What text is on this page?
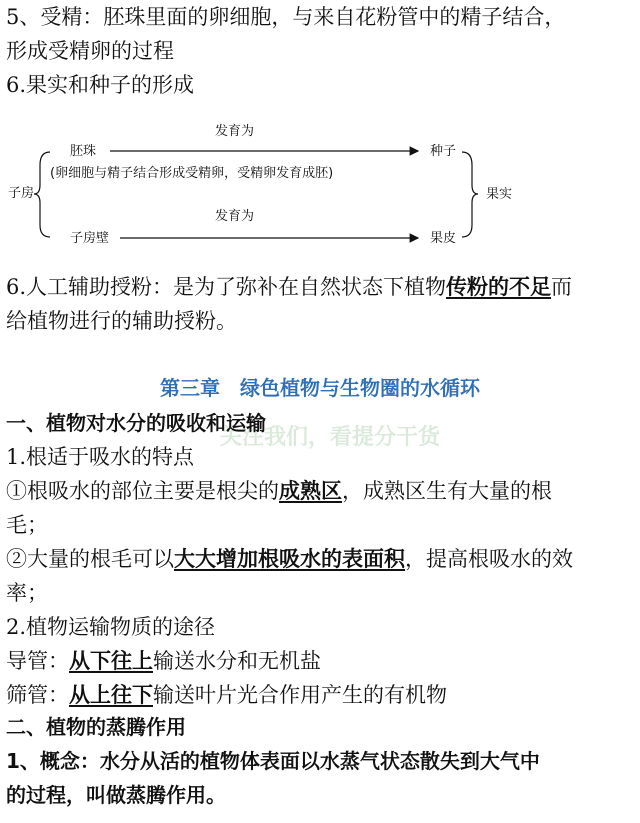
5、受精：胚珠里面的卵细胞，与来自花粉管中的精子结合，
形成受精卵的过程
6.果实和种子的形成
子房
胚珠
发育为
种子
(卵细胞与精子结合形成受精卵，受精卵发育成胚)
发育为
子房壁	果皮
果实
6.人工辅助授粉：是为了弥补在自然状态下植物传粉的不足而
给植物进行的辅助授粉。
第三章　绿色植物与生物圈的水循环
关注我们，看提分干货
一、植物对水分的吸收和运输
1.根适于吸水的特点
①根吸水的部位主要是根尖的成熟区，成熟区生有大量的根
毛；
②大量的根毛可以大大增加根吸水的表面积，提高根吸水的效
率；
2.植物运输物质的途径
导管：从下往上输送水分和无机盐
筛管：从上往下输送叶片光合作用产生的有机物
二、植物的蒸腾作用
1、概念：水分从活的植物体表面以水蒸气状态散失到大气中
的过程，叫做蒸腾作用。
